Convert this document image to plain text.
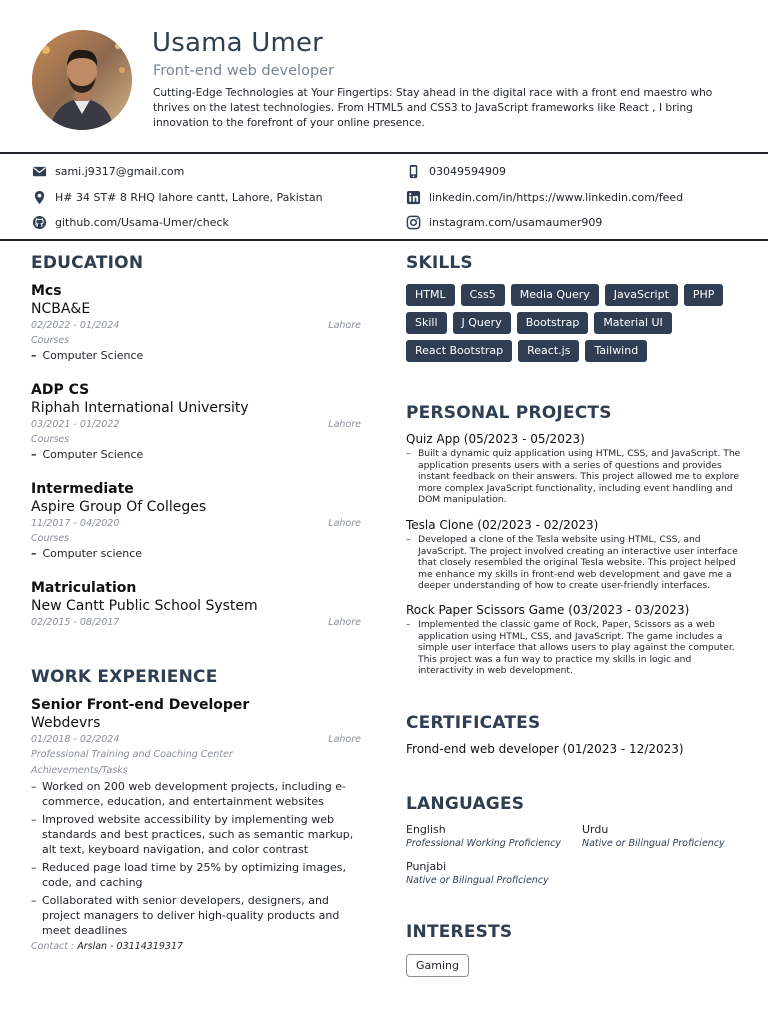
Usama Umer
Front-end web developer
Cutting-Edge Technologies at Your Fingertips: Stay ahead in the digital race with a front end maestro who thrives on the latest technologies. From HTML5 and CSS3 to JavaScript frameworks like React , I bring innovation to the forefront of your online presence.
sami.j9317@gmail.com	03049594909
H# 34 ST# 8 RHQ lahore cantt, Lahore, Pakistan	linkedin.com/in/https://www.linkedin.com/feed
github.com/Usama-Umer/check	instagram.com/usamaumer909
EDUCATION
Mcs
NCBA&E
02/2022 - 01/2024	Lahore
Courses
– Computer Science
ADP CS
Riphah International University
03/2021 - 01/2022	Lahore
Courses
– Computer Science
Intermediate
Aspire Group Of Colleges
11/2017 - 04/2020	Lahore
Courses
– Computer science
Matriculation
New Cantt Public School System
02/2015 - 08/2017	Lahore
WORK EXPERIENCE
Senior Front-end Developer
Webdevrs
01/2018 - 02/2024	Lahore
Professional Training and Coaching Center
Achievements/Tasks
– Worked on 200 web development projects, including e-commerce, education, and entertainment websites
– Improved website accessibility by implementing web standards and best practices, such as semantic markup, alt text, keyboard navigation, and color contrast
– Reduced page load time by 25% by optimizing images, code, and caching
– Collaborated with senior developers, designers, and project managers to deliver high-quality products and meet deadlines
Contact : Arslan - 03114319317
SKILLS
HTML	Css5	Media Query	JavaScript	PHP
Skill	J Query	Bootstrap	Material UI
React Bootstrap	React.js	Tailwind
PERSONAL PROJECTS
Quiz App (05/2023 - 05/2023)
– Built a dynamic quiz application using HTML, CSS, and JavaScript. The application presents users with a series of questions and provides instant feedback on their answers. This project allowed me to explore more complex JavaScript functionality, including event handling and DOM manipulation.
Tesla Clone (02/2023 - 02/2023)
– Developed a clone of the Tesla website using HTML, CSS, and JavaScript. The project involved creating an interactive user interface that closely resembled the original Tesla website. This project helped me enhance my skills in front-end web development and gave me a deeper understanding of how to create user-friendly interfaces.
Rock Paper Scissors Game (03/2023 - 03/2023)
– Implemented the classic game of Rock, Paper, Scissors as a web application using HTML, CSS, and JavaScript. The game includes a simple user interface that allows users to play against the computer. This project was a fun way to practice my skills in logic and interactivity in web development.
CERTIFICATES
Frond-end web developer (01/2023 - 12/2023)
LANGUAGES
English
Professional Working Proficiency
Urdu
Native or Bilingual Proficiency
Punjabi
Native or Bilingual Proficiency
INTERESTS
Gaming
